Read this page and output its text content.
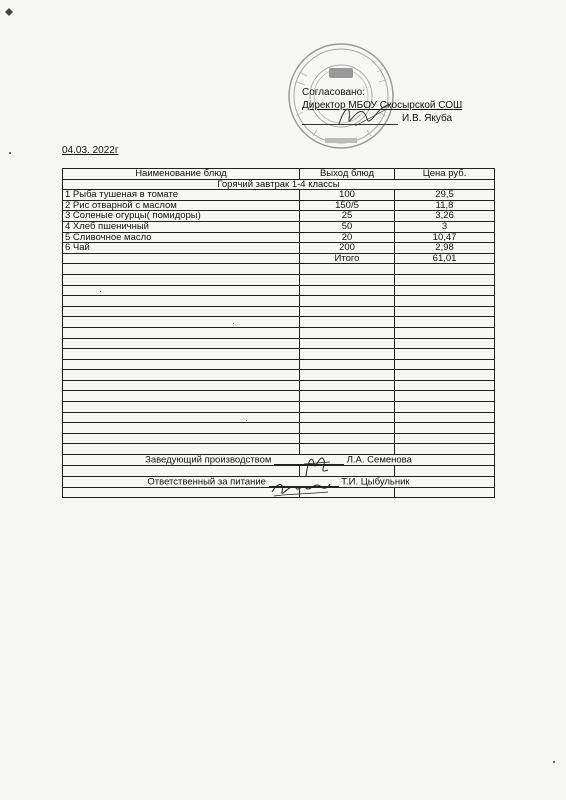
Согласовано:
Директор МБОУ Скосырской СОШ
И.В. Якуба
04.03. 2022г
Наименование блюд	Выход блюд	Цена руб.
Горячий завтрак 1-4 классы		
1 Рыба тушеная в томате	100	29,5
2 Рис отварной с маслом	150/5	11,8
3 Соленые огурцы( помидоры)	25	3,26
4 Хлеб пшеничный	50	3
5 Сливочное масло	20	10,47
6 Чай	200	2,98
	Итого	61,01

Заведующий производством Л.А. Семенова		

Ответственный за питание Т.И. Цыбульник		
